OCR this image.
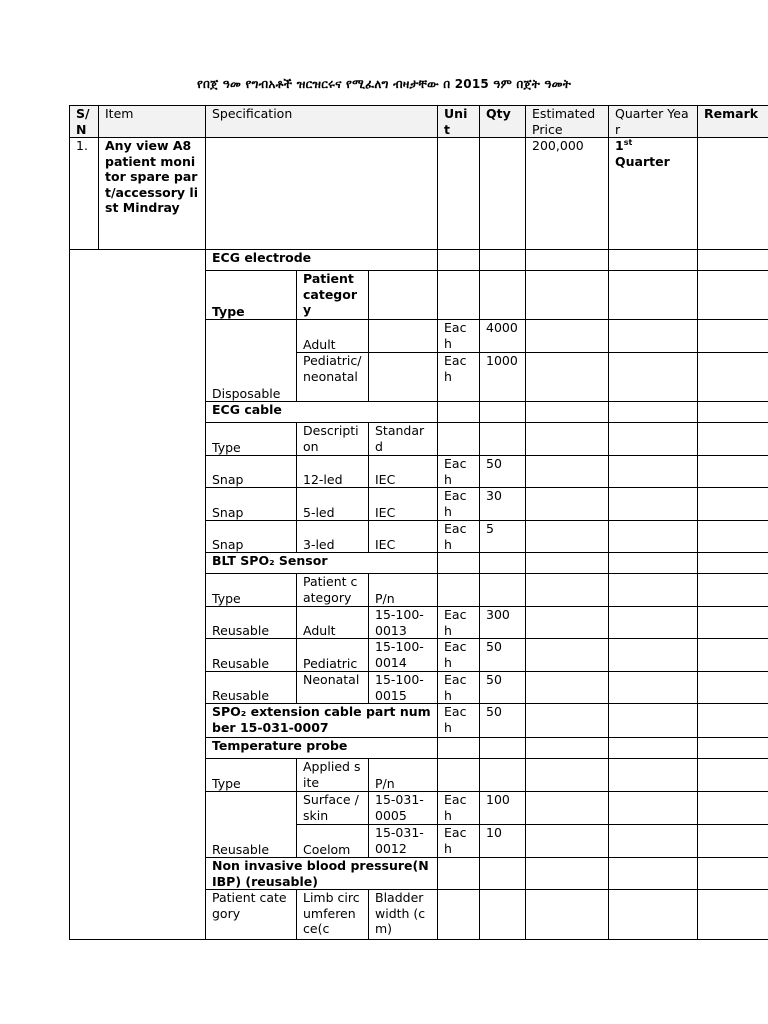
የበጀ ዓመ የግብአቶች ዝርዝርሩና የሚፈለግ ብዛታቸው በ 2015 ዓም በጀት ዓመት
S/N	Item	Specification			Unit	Qty	Estimated Price	Quarter Year	Remark
1.	Any view A8 patient monitor spare part/accessory list Mindray						200,000	1st
Quarter	
		ECG electrode							
		Type	Patient category						
		Disposable	Adult		Each	4000			
			Pediatric/neonatal		Each	1000			
		ECG cable							
		Type	Description	Standard					
		Snap	12-led	IEC	Each	50			
		Snap	5-led	IEC	Each	30			
		Snap	3-led	IEC	Each	5			
		BLT SPO₂ Sensor							
		Type	Patient category	P/n					
		Reusable	Adult	15-100-0013	Each	300			
		Reusable	Pediatric	15-100-0014	Each	50			
		Reusable	Neonatal	15-100-0015	Each	50			
		SPO₂ extension cable part number 15-031-0007			Each	50			
		Temperature probe							
		Type	Applied site	P/n					
		Reusable	Surface / skin	15-031-0005	Each	100			
			Coelom	15-031-0012	Each	10			
		Non invasive blood pressure(NIBP) (reusable)							
		Patient category	Limb circumference(c	Bladder width (cm)					
